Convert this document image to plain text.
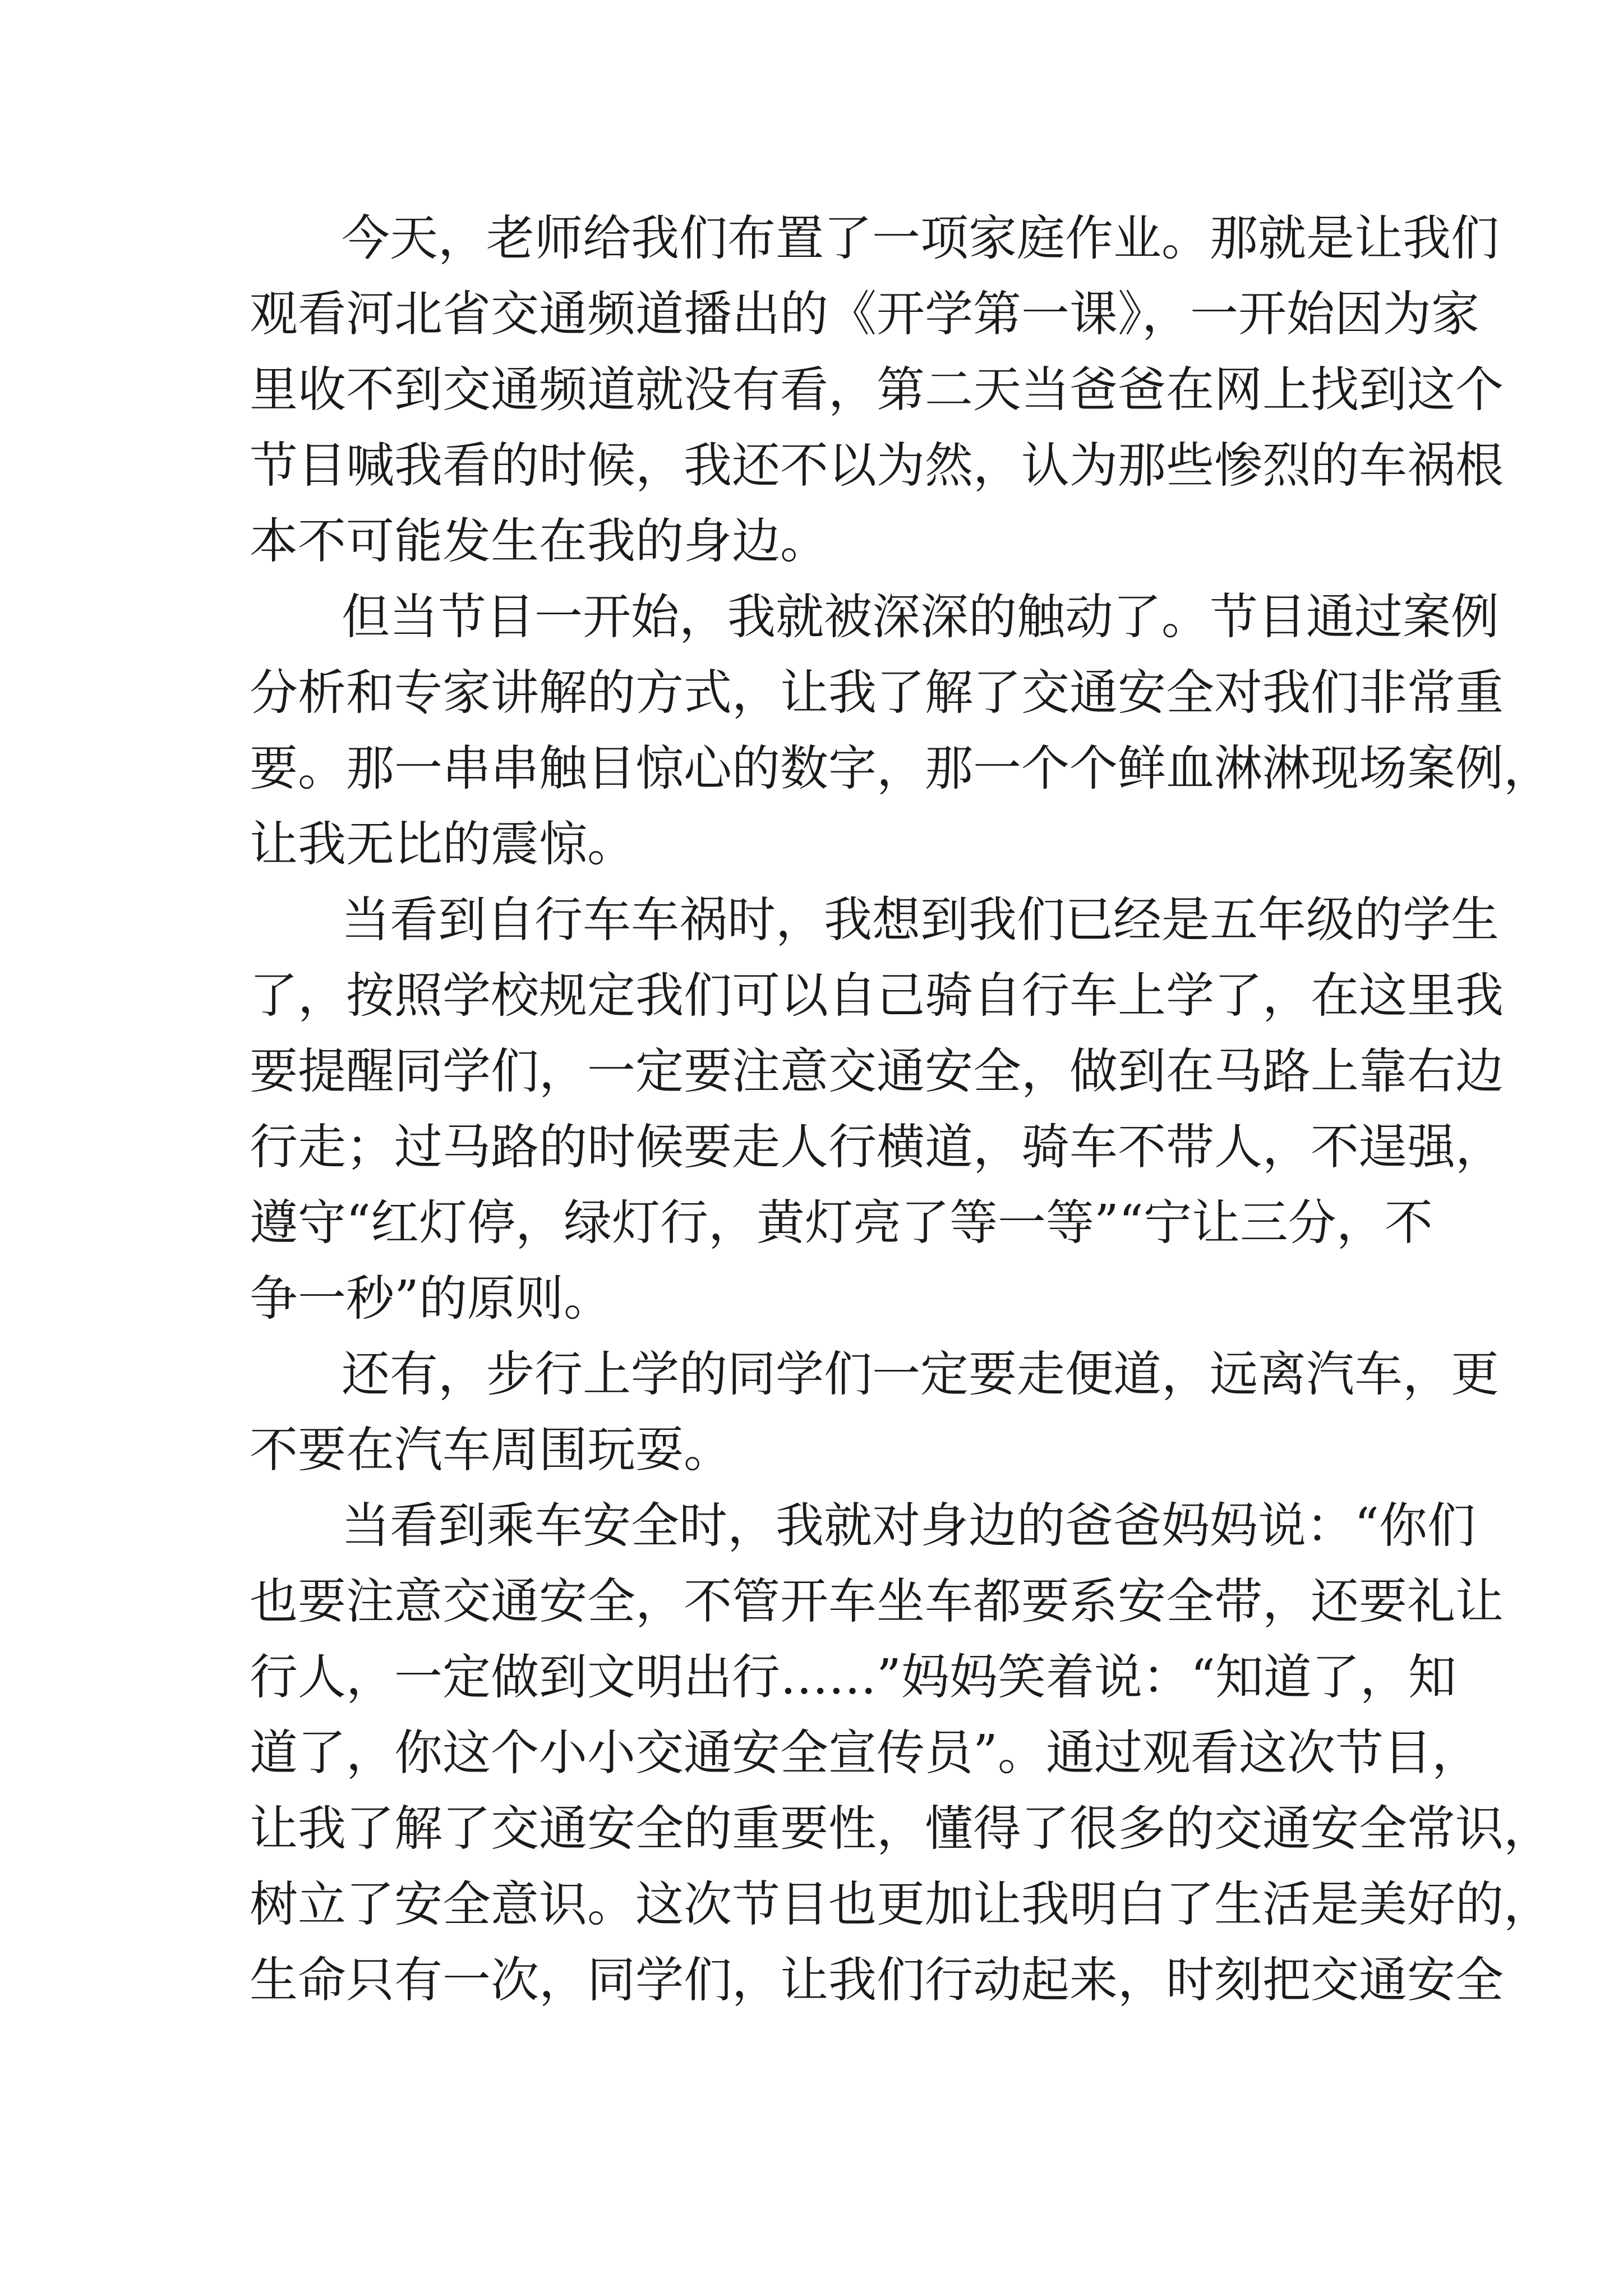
今天，老师给我们布置了一项家庭作业。那就是让我们
观看河北省交通频道播出的《开学第一课》，一开始因为家
里收不到交通频道就没有看，第二天当爸爸在网上找到这个
节目喊我看的时候，我还不以为然，认为那些惨烈的车祸根
本不可能发生在我的身边。
但当节目一开始，我就被深深的触动了。节目通过案例
分析和专家讲解的方式，让我了解了交通安全对我们非常重
要。那一串串触目惊心的数字，那一个个鲜血淋淋现场案例，
让我无比的震惊。
当看到自行车车祸时，我想到我们已经是五年级的学生
了，按照学校规定我们可以自己骑自行车上学了，在这里我
要提醒同学们，一定要注意交通安全，做到在马路上靠右边
行走；过马路的时候要走人行横道，骑车不带人，不逞强，
遵守“红灯停，绿灯行，黄灯亮了等一等”“宁让三分，不
争一秒”的原则。
还有，步行上学的同学们一定要走便道，远离汽车，更
不要在汽车周围玩耍。
当看到乘车安全时，我就对身边的爸爸妈妈说：“你们
也要注意交通安全，不管开车坐车都要系安全带，还要礼让
行人，一定做到文明出行……”妈妈笑着说：“知道了，知
道了，你这个小小交通安全宣传员”。通过观看这次节目，
让我了解了交通安全的重要性，懂得了很多的交通安全常识，
树立了安全意识。这次节目也更加让我明白了生活是美好的，
生命只有一次，同学们，让我们行动起来，时刻把交通安全
